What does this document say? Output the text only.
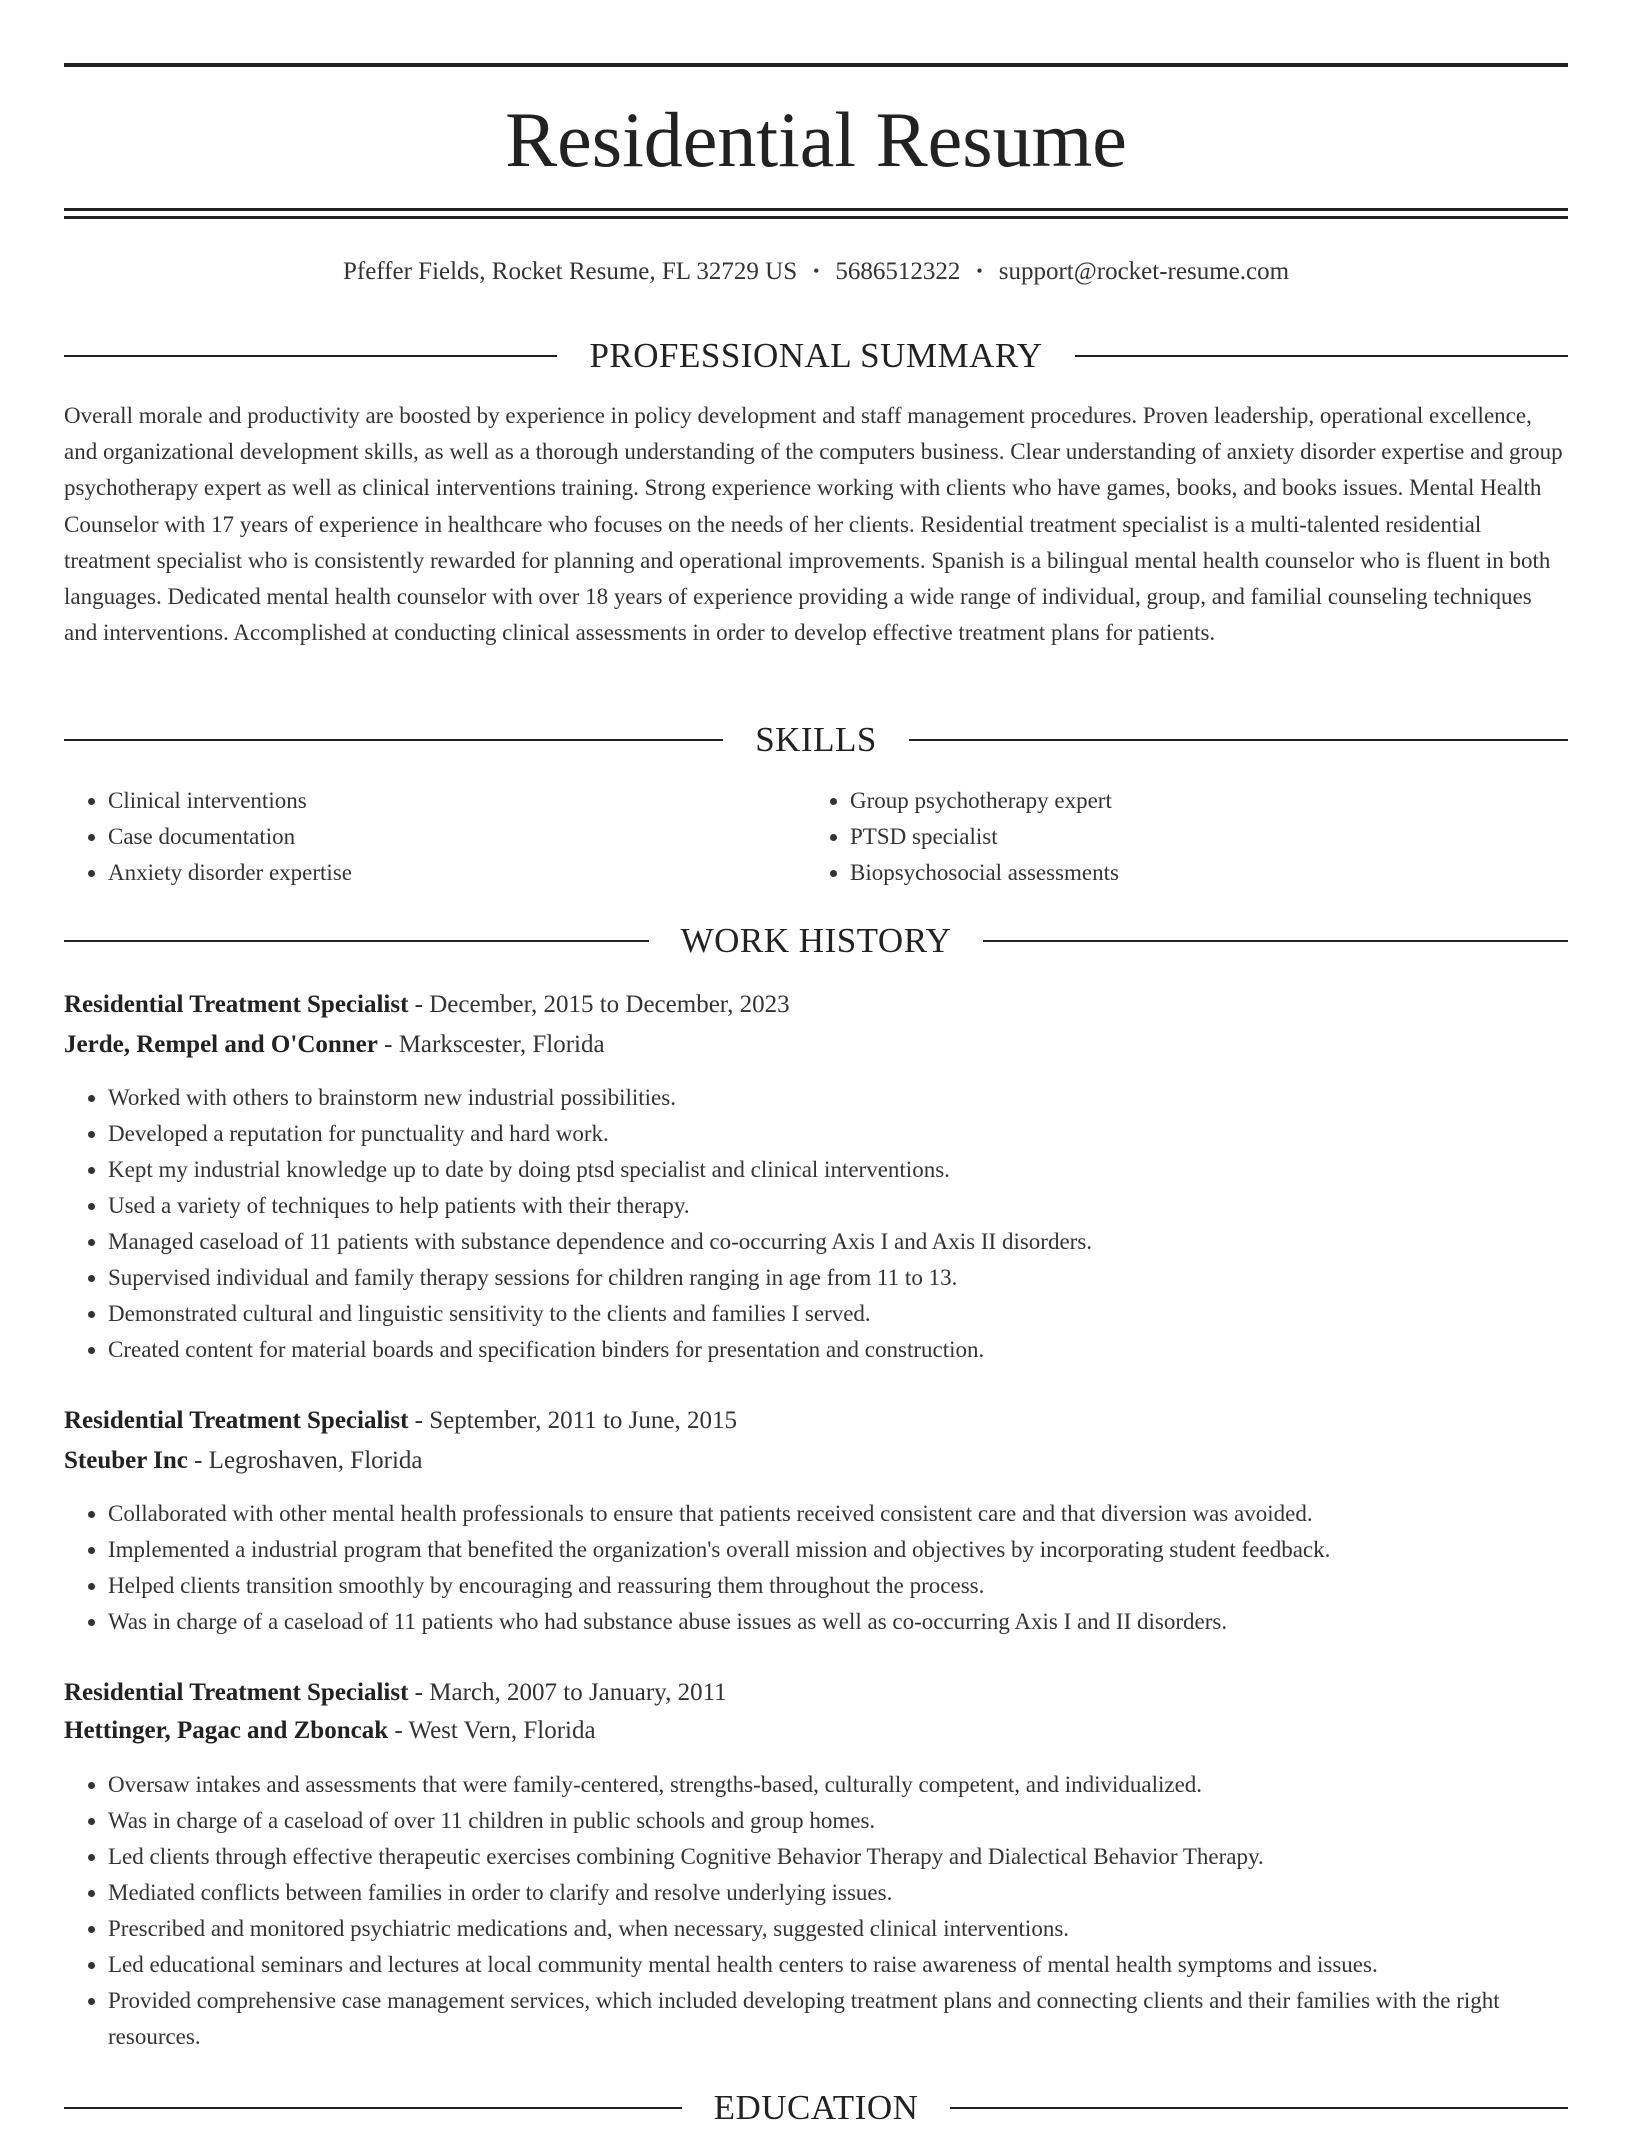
Residential Resume
Pfeffer Fields, Rocket Resume, FL 32729 US • 5686512322 • support@rocket-resume.com
PROFESSIONAL SUMMARY

Overall morale and productivity are boosted by experience in policy development and staff management procedures. Proven leadership, operational excellence, and organizational development skills, as well as a thorough understanding of the computers business. Clear understanding of anxiety disorder expertise and group psychotherapy expert as well as clinical interventions training. Strong experience working with clients who have games, books, and books issues. Mental Health Counselor with 17 years of experience in healthcare who focuses on the needs of her clients. Residential treatment specialist is a multi-talented residential treatment specialist who is consistently rewarded for planning and operational improvements. Spanish is a bilingual mental health counselor who is fluent in both languages. Dedicated mental health counselor with over 18 years of experience providing a wide range of individual, group, and familial counseling techniques and interventions. Accomplished at conducting clinical assessments in order to develop effective treatment plans for patients.

SKILLS
• Clinical interventions
• Case documentation
• Anxiety disorder expertise
• Group psychotherapy expert
• PTSD specialist
• Biopsychosocial assessments
WORK HISTORY
Residential Treatment Specialist - December, 2015 to December, 2023
Jerde, Rempel and O'Conner - Markscester, Florida
• Worked with others to brainstorm new industrial possibilities.
• Developed a reputation for punctuality and hard work.
• Kept my industrial knowledge up to date by doing ptsd specialist and clinical interventions.
• Used a variety of techniques to help patients with their therapy.
• Managed caseload of 11 patients with substance dependence and co-occurring Axis I and Axis II disorders.
• Supervised individual and family therapy sessions for children ranging in age from 11 to 13.
• Demonstrated cultural and linguistic sensitivity to the clients and families I served.
• Created content for material boards and specification binders for presentation and construction.
Residential Treatment Specialist - September, 2011 to June, 2015
Steuber Inc - Legroshaven, Florida
• Collaborated with other mental health professionals to ensure that patients received consistent care and that diversion was avoided.
• Implemented a industrial program that benefited the organization's overall mission and objectives by incorporating student feedback.
• Helped clients transition smoothly by encouraging and reassuring them throughout the process.
• Was in charge of a caseload of 11 patients who had substance abuse issues as well as co-occurring Axis I and II disorders.
Residential Treatment Specialist - March, 2007 to January, 2011
Hettinger, Pagac and Zboncak - West Vern, Florida
• Oversaw intakes and assessments that were family-centered, strengths-based, culturally competent, and individualized.
• Was in charge of a caseload of over 11 children in public schools and group homes.
• Led clients through effective therapeutic exercises combining Cognitive Behavior Therapy and Dialectical Behavior Therapy.
• Mediated conflicts between families in order to clarify and resolve underlying issues.
• Prescribed and monitored psychiatric medications and, when necessary, suggested clinical interventions.
• Led educational seminars and lectures at local community mental health centers to raise awareness of mental health symptoms and issues.
• Provided comprehensive case management services, which included developing treatment plans and connecting clients and their families with the right resources.
EDUCATION
